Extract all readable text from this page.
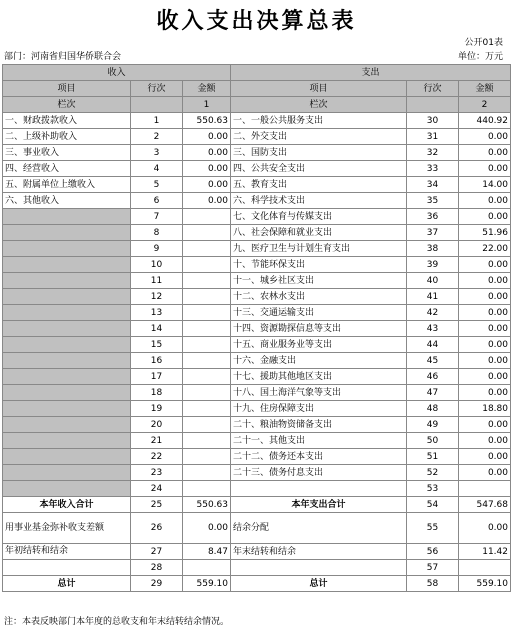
收入支出决算总表
公开01表
部门：河南省归国华侨联合会	单位：万元
收入			支出		
项目	行次	金额	项目	行次	金额
栏次		1	栏次		2
一、财政拨款收入	1	550.63	一、一般公共服务支出	30	440.92
二、上级补助收入	2	0.00	二、外交支出	31	0.00
三、事业收入	3	0.00	三、国防支出	32	0.00
四、经营收入	4	0.00	四、公共安全支出	33	0.00
五、附属单位上缴收入	5	0.00	五、教育支出	34	14.00
六、其他收入	6	0.00	六、科学技术支出	35	0.00
	7		七、文化体育与传媒支出	36	0.00
	8		八、社会保障和就业支出	37	51.96
	9		九、医疗卫生与计划生育支出	38	22.00
	10		十、节能环保支出	39	0.00
	11		十一、城乡社区支出	40	0.00
	12		十二、农林水支出	41	0.00
	13		十三、交通运输支出	42	0.00
	14		十四、资源勘探信息等支出	43	0.00
	15		十五、商业服务业等支出	44	0.00
	16		十六、金融支出	45	0.00
	17		十七、援助其他地区支出	46	0.00
	18		十八、国土海洋气象等支出	47	0.00
	19		十九、住房保障支出	48	18.80
	20		二十、粮油物资储备支出	49	0.00
	21		二十一、其他支出	50	0.00
	22		二十二、债务还本支出	51	0.00
	23		二十三、债务付息支出	52	0.00
	24			53	
本年收入合计	25	550.63	本年支出合计	54	547.68
用事业基金弥补收支差额	26	0.00	结余分配	55	0.00
年初结转和结余	27	8.47	年末结转和结余	56	11.42
	28			57	
总计	29	559.10	总计	58	559.10
注：本表反映部门本年度的总收支和年末结转结余情况。
